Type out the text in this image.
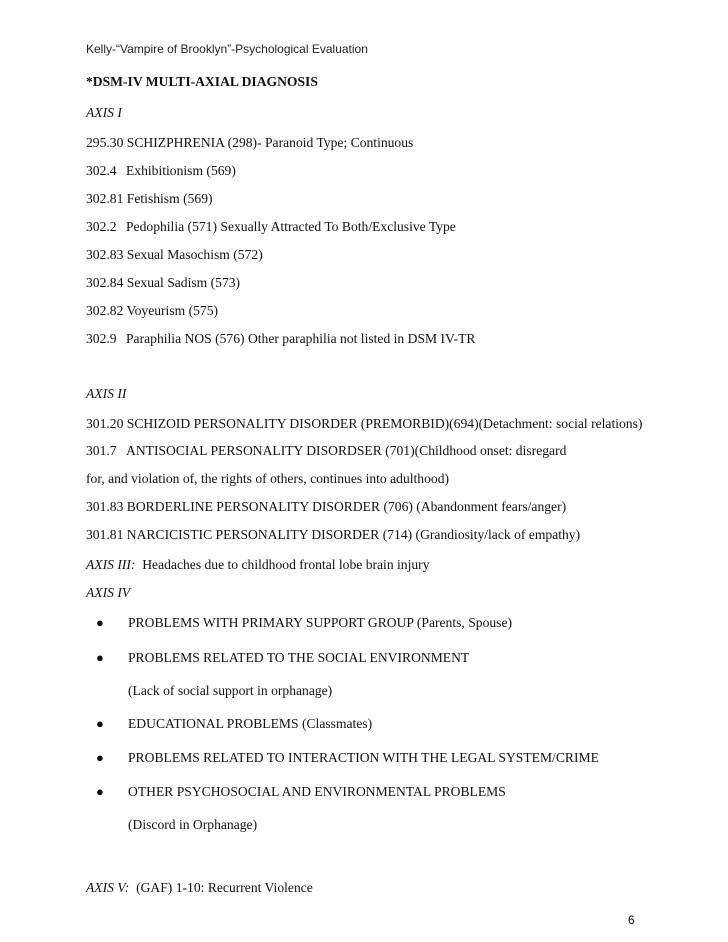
Kelly-“Vampire of Brooklyn”-Psychological Evaluation
*DSM-IV MULTI-AXIAL DIAGNOSIS
AXIS I
295.30 SCHIZPHRENIA (298)- Paranoid Type; Continuous
302.4 Exhibitionism (569)
302.81 Fetishism (569)
302.2 Pedophilia (571) Sexually Attracted To Both/Exclusive Type
302.83 Sexual Masochism (572)
302.84 Sexual Sadism (573)
302.82 Voyeurism (575)
302.9 Paraphilia NOS (576) Other paraphilia not listed in DSM IV-TR
AXIS II
301.20 SCHIZOID PERSONALITY DISORDER (PREMORBID)(694)(Detachment: social relations)
301.7 ANTISOCIAL PERSONALITY DISORDSER (701)(Childhood onset: disregard
for, and violation of, the rights of others, continues into adulthood)
301.83 BORDERLINE PERSONALITY DISORDER (706) (Abandonment fears/anger)
301.81 NARCICISTIC PERSONALITY DISORDER (714) (Grandiosity/lack of empathy)
AXIS III: Headaches due to childhood frontal lobe brain injury
AXIS IV
● PROBLEMS WITH PRIMARY SUPPORT GROUP (Parents, Spouse)
● PROBLEMS RELATED TO THE SOCIAL ENVIRONMENT
(Lack of social support in orphanage)
● EDUCATIONAL PROBLEMS (Classmates)
● PROBLEMS RELATED TO INTERACTION WITH THE LEGAL SYSTEM/CRIME
● OTHER PSYCHOSOCIAL AND ENVIRONMENTAL PROBLEMS
(Discord in Orphanage)
AXIS V: (GAF) 1-10: Recurrent Violence
6
